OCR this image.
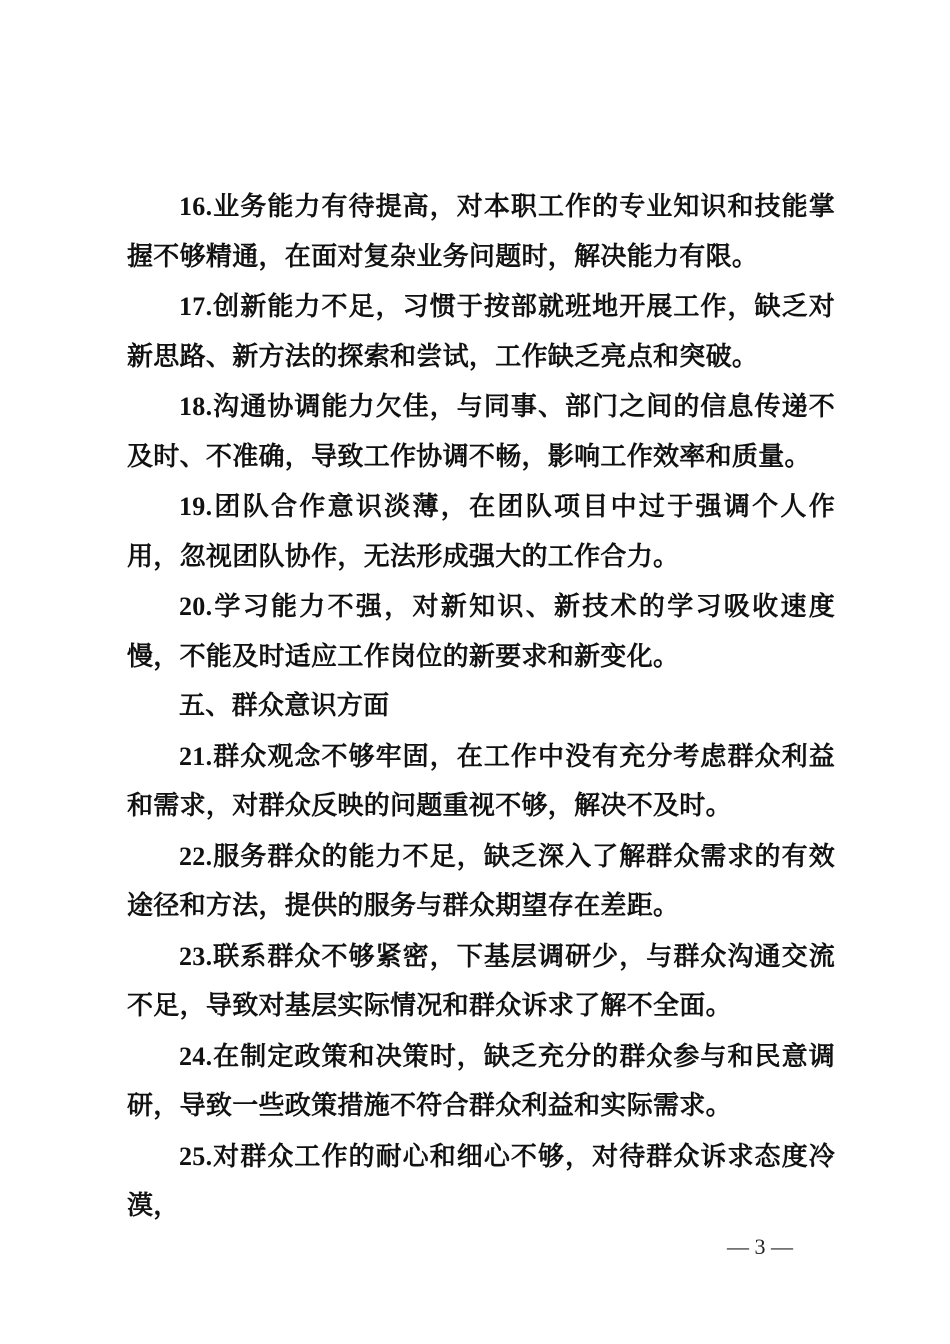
16.业务能力有待提高，对本职工作的专业知识和技能掌握不够精通，在面对复杂业务问题时，解决能力有限。

17.创新能力不足，习惯于按部就班地开展工作，缺乏对新思路、新方法的探索和尝试，工作缺乏亮点和突破。

18.沟通协调能力欠佳，与同事、部门之间的信息传递不及时、不准确，导致工作协调不畅，影响工作效率和质量。

19.团队合作意识淡薄，在团队项目中过于强调个人作用，忽视团队协作，无法形成强大的工作合力。

20.学习能力不强，对新知识、新技术的学习吸收速度慢，不能及时适应工作岗位的新要求和新变化。

五、群众意识方面

21.群众观念不够牢固，在工作中没有充分考虑群众利益和需求，对群众反映的问题重视不够，解决不及时。

22.服务群众的能力不足，缺乏深入了解群众需求的有效途径和方法，提供的服务与群众期望存在差距。

23.联系群众不够紧密，下基层调研少，与群众沟通交流不足，导致对基层实际情况和群众诉求了解不全面。

24.在制定政策和决策时，缺乏充分的群众参与和民意调研，导致一些政策措施不符合群众利益和实际需求。

25.对群众工作的耐心和细心不够，对待群众诉求态度冷漠，

— 3 —
